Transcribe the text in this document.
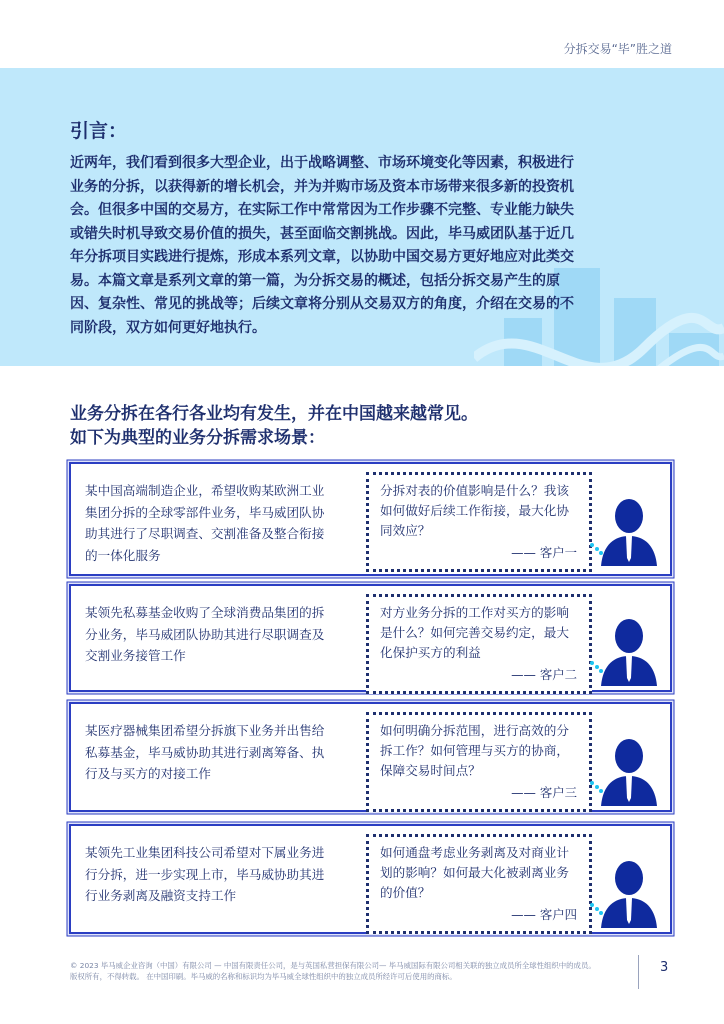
分拆交易“毕”胜之道
引言：
近两年，我们看到很多大型企业，出于战略调整、市场环境变化等因素，积极进行业务的分拆，以获得新的增长机会，并为并购市场及资本市场带来很多新的投资机会。但很多中国的交易方，在实际工作中常常因为工作步骤不完整、专业能力缺失或错失时机导致交易价值的损失，甚至面临交割挑战。因此，毕马威团队基于近几年分拆项目实践进行提炼，形成本系列文章，以协助中国交易方更好地应对此类交易。本篇文章是系列文章的第一篇，为分拆交易的概述，包括分拆交易产生的原因、复杂性、常见的挑战等；后续文章将分别从交易双方的角度，介绍在交易的不同阶段，双方如何更好地执行。
业务分拆在各行各业均有发生，并在中国越来越常见。
如下为典型的业务分拆需求场景：
某中国高端制造企业，希望收购某欧洲工业集团分拆的全球零部件业务，毕马威团队协助其进行了尽职调查、交割准备及整合衔接的一体化服务
分拆对表的价值影响是什么？我该如何做好后续工作衔接，最大化协同效应？
—— 客户一
某领先私募基金收购了全球消费品集团的拆分业务，毕马威团队协助其进行尽职调查及交割业务接管工作
对方业务分拆的工作对买方的影响是什么？如何完善交易约定，最大化保护买方的利益
—— 客户二
某医疗器械集团希望分拆旗下业务并出售给私募基金，毕马威协助其进行剥离筹备、执行及与买方的对接工作
如何明确分拆范围，进行高效的分拆工作？如何管理与买方的协商，保障交易时间点？
—— 客户三
某领先工业集团科技公司希望对下属业务进行分拆，进一步实现上市，毕马威协助其进行业务剥离及融资支持工作
如何通盘考虑业务剥离及对商业计划的影响？如何最大化被剥离业务的价值？
—— 客户四
© 2023 毕马威企业咨询（中国）有限公司 — 中国有限责任公司，是与英国私营担保有限公司— 毕马威国际有限公司相关联的独立成员所全球性组织中的成员。
版权所有，不得转载。 在中国印刷。毕马威的名称和标识均为毕马威全球性组织中的独立成员所经许可后使用的商标。
3
